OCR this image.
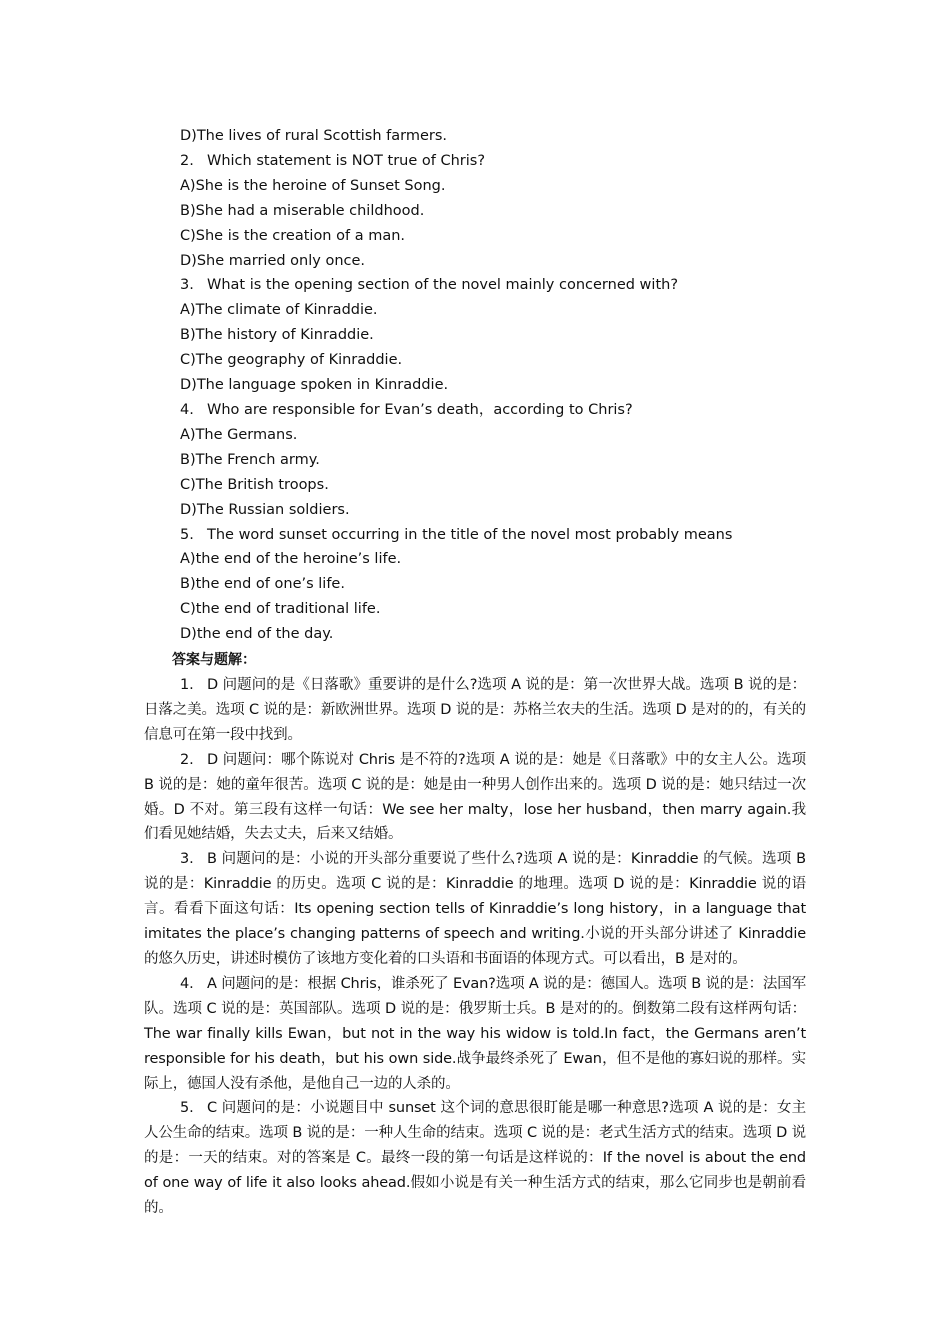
D)The lives of rural Scottish farmers.
2. Which statement is NOT true of Chris?
A)She is the heroine of Sunset Song.
B)She had a miserable childhood.
C)She is the creation of a man.
D)She married only once.
3. What is the opening section of the novel mainly concerned with?
A)The climate of Kinraddie.
B)The history of Kinraddie.
C)The geography of Kinraddie.
D)The language spoken in Kinraddie.
4. Who are responsible for Evan’s death，according to Chris?
A)The Germans.
B)The French army.
C)The British troops.
D)The Russian soldiers.
5. The word sunset occurring in the title of the novel most probably means
A)the end of the heroine’s life.
B)the end of one’s life.
C)the end of traditional life.
D)the end of the day.
答案与题解：

1. D 问题问的是《日落歌》重要讲的是什么?选项 A 说的是：第一次世界大战。选项 B 说的是：日落之美。选项 C 说的是：新欧洲世界。选项 D 说的是：苏格兰农夫的生活。选项 D 是对的的，有关的信息可在第一段中找到。

2. D 问题问：哪个陈说对 Chris 是不符的?选项 A 说的是：她是《日落歌》中的女主人公。选项 B 说的是：她的童年很苦。选项 C 说的是：她是由一种男人创作出来的。选项 D 说的是：她只结过一次婚。D 不对。第三段有这样一句话：We see her malty，lose her husband，then marry again.我们看见她结婚，失去丈夫，后来又结婚。

3. B 问题问的是：小说的开头部分重要说了些什么?选项 A 说的是：Kinraddie 的气候。选项 B 说的是：Kinraddie 的历史。选项 C 说的是：Kinraddie 的地理。选项 D 说的是：Kinraddie 说的语言。看看下面这句话：Its opening section tells of Kinraddie’s long history，in a language that imitates the place’s changing patterns of speech and writing.小说的开头部分讲述了 Kinraddie 的悠久历史，讲述时模仿了该地方变化着的口头语和书面语的体现方式。可以看出，B 是对的。

4. A 问题问的是：根据 Chris，谁杀死了 Evan?选项 A 说的是：德国人。选项 B 说的是：法国军队。选项 C 说的是：英国部队。选项 D 说的是：俄罗斯士兵。B 是对的的。倒数第二段有这样两句话：The war finally kills Ewan，but not in the way his widow is told.In fact，the Germans aren’t responsible for his death，but his own side.战争最终杀死了 Ewan，但不是他的寡妇说的那样。实际上，德国人没有杀他，是他自己一边的人杀的。

5. C 问题问的是：小说题目中 sunset 这个词的意思很盯能是哪一种意思?选项 A 说的是：女主人公生命的结束。选项 B 说的是：一种人生命的结束。选项 C 说的是：老式生活方式的结束。选项 D 说的是：一天的结束。对的答案是 C。最终一段的第一句话是这样说的：If the novel is about the end of one way of life it also looks ahead.假如小说是有关一种生活方式的结束，那么它同步也是朝前看的。
